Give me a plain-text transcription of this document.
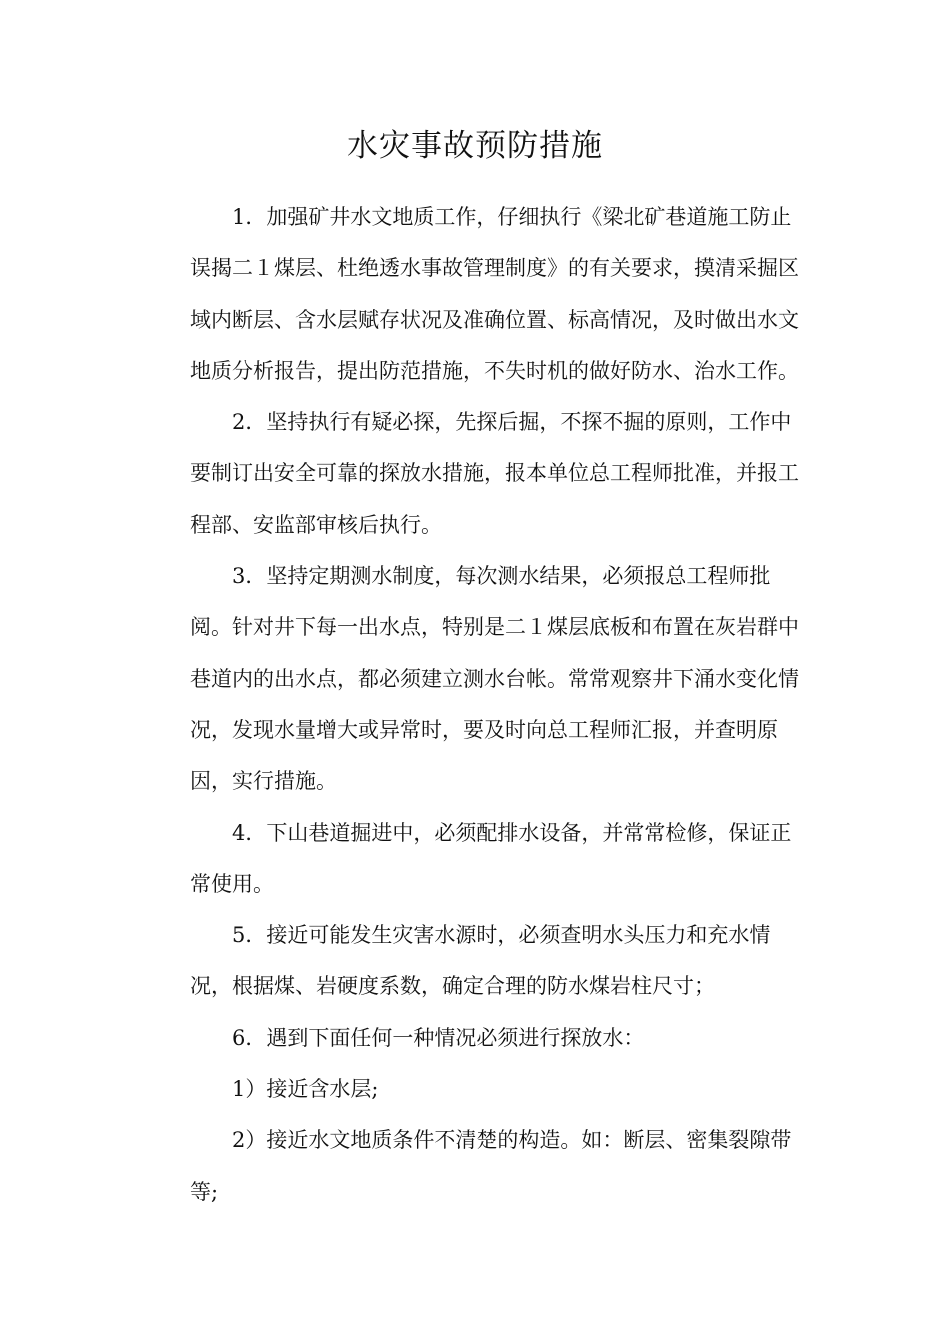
水灾事故预防措施
1．加强矿井水文地质工作，仔细执行《梁北矿巷道施工防止
误揭二１煤层、杜绝透水事故管理制度》的有关要求，摸清采掘区
域内断层、含水层赋存状况及准确位置、标高情况，及时做出水文
地质分析报告，提出防范措施，不失时机的做好防水、治水工作。
2．坚持执行有疑必探，先探后掘，不探不掘的原则，工作中
要制订出安全可靠的探放水措施，报本单位总工程师批准，并报工
程部、安监部审核后执行。
3．坚持定期测水制度，每次测水结果，必须报总工程师批
阅。针对井下每一出水点，特别是二１煤层底板和布置在灰岩群中
巷道内的出水点，都必须建立测水台帐。常常观察井下涌水变化情
况，发现水量增大或异常时，要及时向总工程师汇报，并查明原
因，实行措施。
4．下山巷道掘进中，必须配排水设备，并常常检修，保证正
常使用。
5．接近可能发生灾害水源时，必须查明水头压力和充水情
况，根据煤、岩硬度系数，确定合理的防水煤岩柱尺寸；
6．遇到下面任何一种情况必须进行探放水：
1）接近含水层;
2）接近水文地质条件不清楚的构造。如：断层、密集裂隙带
等;
